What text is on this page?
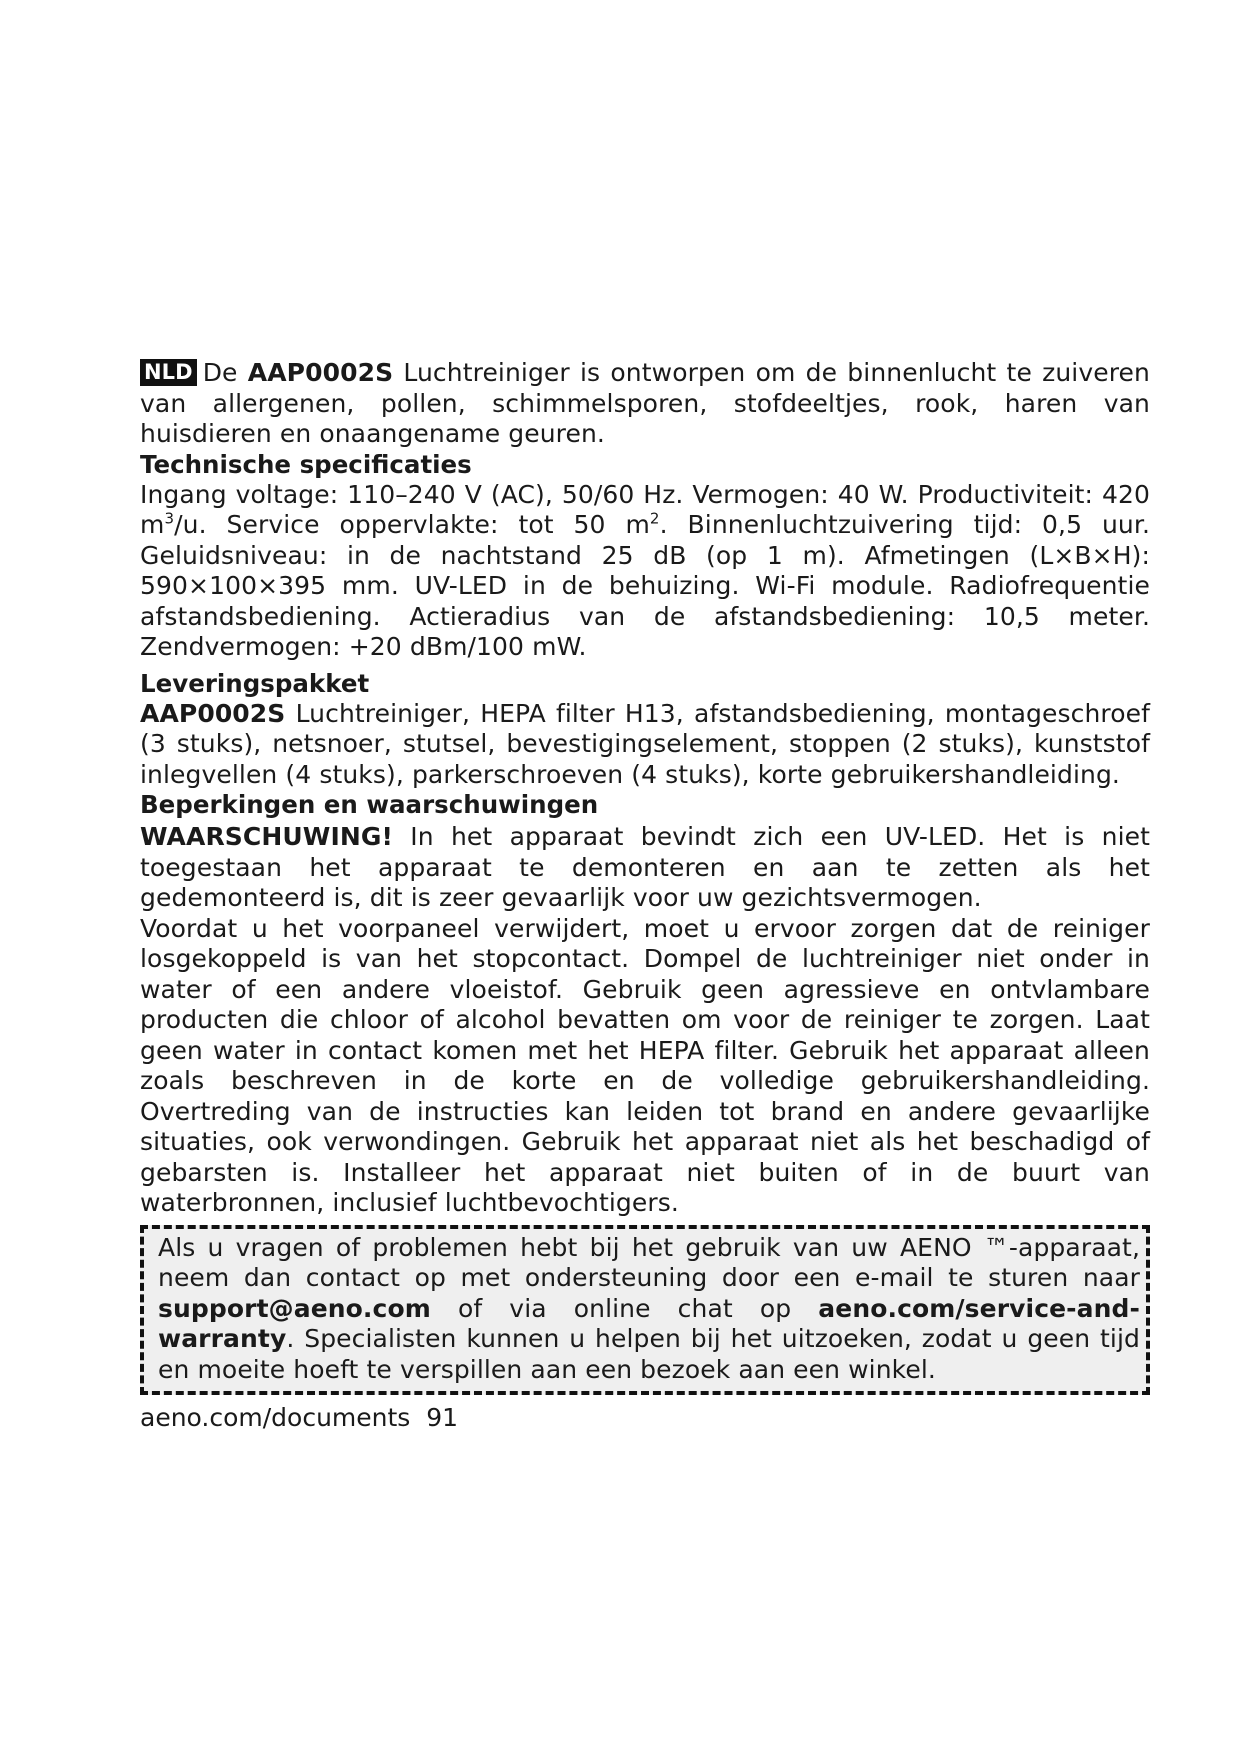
NLD De AAP0002S Luchtreiniger is ontworpen om de binnenlucht te zuiveren van allergenen, pollen, schimmelsporen, stofdeeltjes, rook, haren van huisdieren en onaangename geuren.

Technische specificaties

Ingang voltage: 110–240 V (AC), 50/60 Hz. Vermogen: 40 W. Productiviteit: 420 $m^3/u$. Service oppervlakte: tot 50 $m^2$. Binnenluchtzuivering tijd: 0,5 uur. Geluidsniveau: in de nachtstand 25 dB (op 1 m). Afmetingen (L×B×H): 590×100×395 mm. UV-LED in de behuizing. Wi-Fi module. Radiofrequentie afstandsbediening. Actieradius van de afstandsbediening: 10,5 meter. Zendvermogen: +20 dBm/100 mW.

Leveringspakket

AAP0002S Luchtreiniger, HEPA filter H13, afstandsbediening, montageschroef (3 stuks), netsnoer, stutsel, bevestigingselement, stoppen (2 stuks), kunststof inlegvellen (4 stuks), parkerschroeven (4 stuks), korte gebruikershandleiding.

Beperkingen en waarschuwingen

WAARSCHUWING! In het apparaat bevindt zich een UV-LED. Het is niet toegestaan het apparaat te demonteren en aan te zetten als het gedemonteerd is, dit is zeer gevaarlijk voor uw gezichtsvermogen.

Voordat u het voorpaneel verwijdert, moet u ervoor zorgen dat de reiniger losgekoppeld is van het stopcontact. Dompel de luchtreiniger niet onder in water of een andere vloeistof. Gebruik geen agressieve en ontvlambare producten die chloor of alcohol bevatten om voor de reiniger te zorgen. Laat geen water in contact komen met het HEPA filter. Gebruik het apparaat alleen zoals beschreven in de korte en de volledige gebruikershandleiding. Overtreding van de instructies kan leiden tot brand en andere gevaarlijke situaties, ook verwondingen. Gebruik het apparaat niet als het beschadigd of gebarsten is. Installeer het apparaat niet buiten of in de buurt van waterbronnen, inclusief luchtbevochtigers.

Als u vragen of problemen hebt bij het gebruik van uw AENO ™-apparaat, neem dan contact op met ondersteuning door een e-mail te sturen naar support@aeno.com of via online chat op aeno.com/service-and-warranty. Specialisten kunnen u helpen bij het uitzoeken, zodat u geen tijd en moeite hoeft te verspillen aan een bezoek aan een winkel.

aeno.com/documents 91
